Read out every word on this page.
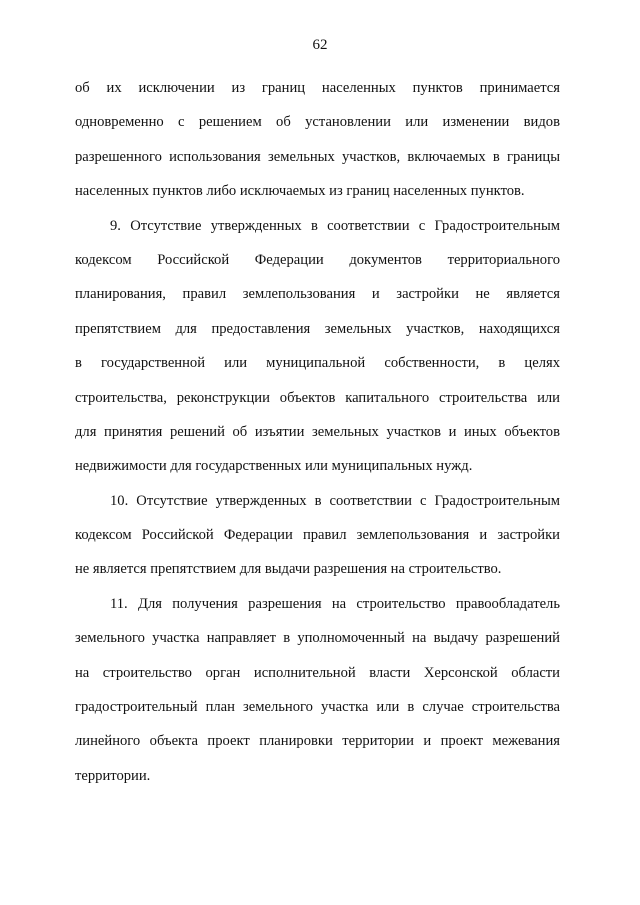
62
об их исключении из границ населенных пунктов принимается
одновременно с решением об установлении или изменении видов
разрешенного использования земельных участков, включаемых в границы
населенных пунктов либо исключаемых из границ населенных пунктов.
9. Отсутствие утвержденных в соответствии с Градостроительным
кодексом Российской Федерации документов территориального
планирования, правил землепользования и застройки не является
препятствием для предоставления земельных участков, находящихся
в государственной или муниципальной собственности, в целях
строительства, реконструкции объектов капитального строительства или
для принятия решений об изъятии земельных участков и иных объектов
недвижимости для государственных или муниципальных нужд.
10. Отсутствие утвержденных в соответствии с Градостроительным
кодексом Российской Федерации правил землепользования и застройки
не является препятствием для выдачи разрешения на строительство.
11. Для получения разрешения на строительство правообладатель
земельного участка направляет в уполномоченный на выдачу разрешений
на строительство орган исполнительной власти Херсонской области
градостроительный план земельного участка или в случае строительства
линейного объекта проект планировки территории и проект межевания
территории.
